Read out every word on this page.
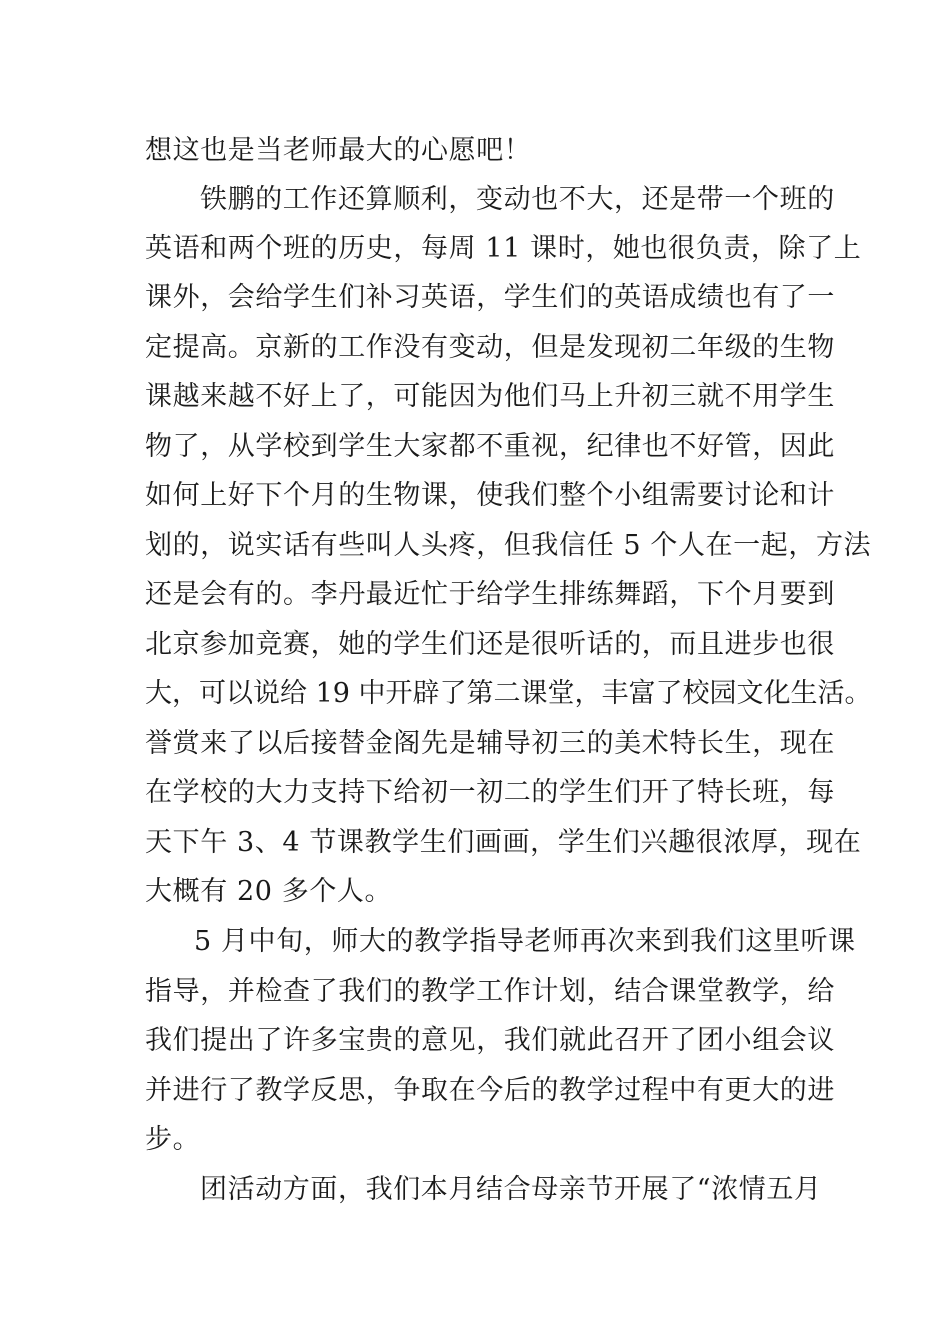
想这也是当老师最大的心愿吧！
铁鹏的工作还算顺利，变动也不大，还是带一个班的
英语和两个班的历史，每周 11 课时，她也很负责，除了上
课外，会给学生们补习英语，学生们的英语成绩也有了一
定提高。京新的工作没有变动，但是发现初二年级的生物
课越来越不好上了，可能因为他们马上升初三就不用学生
物了，从学校到学生大家都不重视，纪律也不好管，因此
如何上好下个月的生物课，使我们整个小组需要讨论和计
划的，说实话有些叫人头疼，但我信任 5 个人在一起，方法
还是会有的。李丹最近忙于给学生排练舞蹈，下个月要到
北京参加竞赛，她的学生们还是很听话的，而且进步也很
大，可以说给 19 中开辟了第二课堂，丰富了校园文化生活。
誉赏来了以后接替金阁先是辅导初三的美术特长生，现在
在学校的大力支持下给初一初二的学生们开了特长班，每
天下午 3、4 节课教学生们画画，学生们兴趣很浓厚，现在
大概有 20 多个人。
5 月中旬，师大的教学指导老师再次来到我们这里听课
指导，并检查了我们的教学工作计划，结合课堂教学，给
我们提出了许多宝贵的意见，我们就此召开了团小组会议
并进行了教学反思，争取在今后的教学过程中有更大的进
步。
团活动方面，我们本月结合母亲节开展了“浓情五月
